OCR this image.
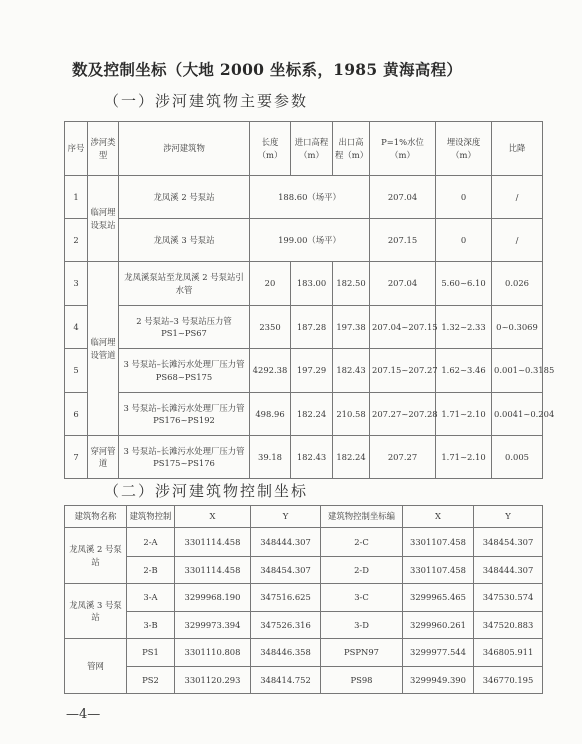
数及控制坐标（大地 2000 坐标系，1985 黄海高程）
（一）涉河建筑物主要参数
序号	涉河类型	涉河建筑物	长度（m）	进口高程（m）	出口高程（m）	P=1%水位（m）	埋设深度（m）	比降
1	临河埋设泵站	龙凤溪 2 号泵站	188.60（场平）			207.04	0	/
2		龙凤溪 3 号泵站	199.00（场平）			207.15	0	/
3	临河埋设管道	龙凤溪泵站至龙凤溪 2 号泵站引水管	20	183.00	182.50	207.04	5.60~6.10	0.026
4		2 号泵站–3 号泵站压力管 PS1~PS67	2350	187.28	197.38	207.04~207.15	1.32~2.33	0~0.3069
5		3 号泵站–长滩污水处理厂压力管 PS68~PS175	4292.38	197.29	182.43	207.15~207.27	1.62~3.46	0.001~0.3185
6		3 号泵站–长滩污水处理厂压力管 PS176~PS192	498.96	182.24	210.58	207.27~207.28	1.71~2.10	0.0041~0.204
7	穿河管道	3 号泵站–长滩污水处理厂压力管 PS175~PS176	39.18	182.43	182.24	207.27	1.71~2.10	0.005
（二）涉河建筑物控制坐标
建筑物名称	建筑物控制	X	Y	建筑物控制坐标编	X	Y
龙凤溪 2 号泵站	2-A	3301114.458	348444.307	2-C	3301107.458	348454.307
	2-B	3301114.458	348454.307	2-D	3301107.458	348444.307
龙凤溪 3 号泵站	3-A	3299968.190	347516.625	3-C	3299965.465	347530.574
	3-B	3299973.394	347526.316	3-D	3299960.261	347520.883
管网	PS1	3301110.808	348446.358	PSPN97	3299977.544	346805.911
	PS2	3301120.293	348414.752	PS98	3299949.390	346770.195
—4—
